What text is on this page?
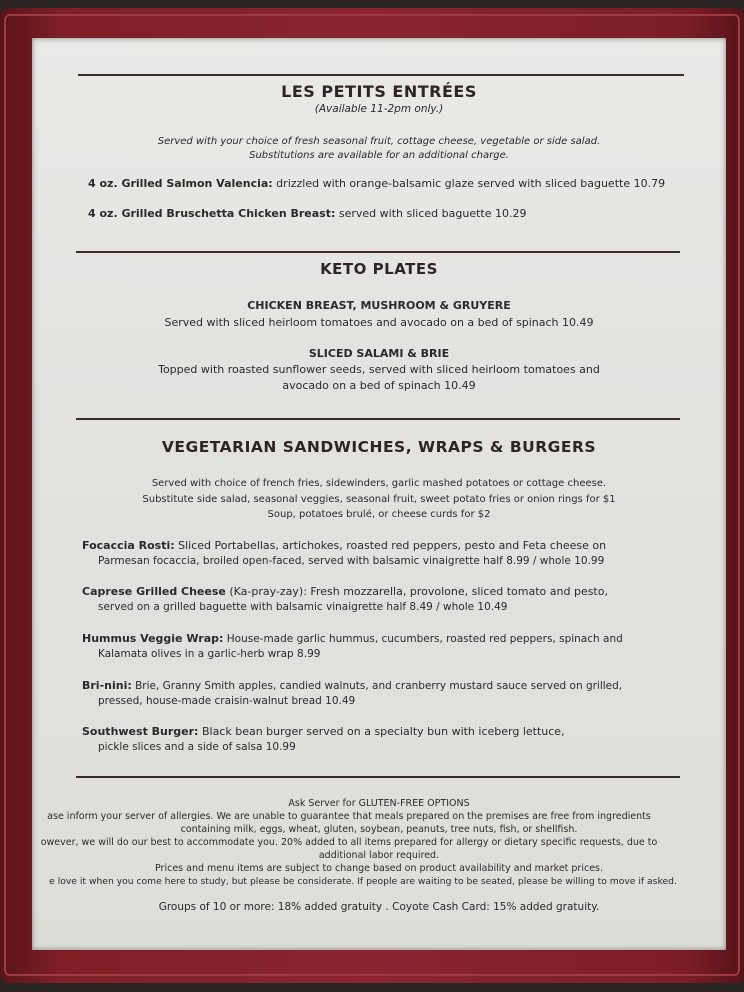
LES PETITS ENTRÉES
(Available 11-2pm only.)
Served with your choice of fresh seasonal fruit, cottage cheese, vegetable or side salad.
Substitutions are available for an additional charge.
4 oz. Grilled Salmon Valencia: drizzled with orange-balsamic glaze served with sliced baguette 10.79
4 oz. Grilled Bruschetta Chicken Breast: served with sliced baguette 10.29
KETO PLATES
CHICKEN BREAST, MUSHROOM & GRUYERE
Served with sliced heirloom tomatoes and avocado on a bed of spinach 10.49
SLICED SALAMI & BRIE
Topped with roasted sunflower seeds, served with sliced heirloom tomatoes and
avocado on a bed of spinach 10.49
VEGETARIAN SANDWICHES, WRAPS & BURGERS
Served with choice of french fries, sidewinders, garlic mashed potatoes or cottage cheese.
Substitute side salad, seasonal veggies, seasonal fruit, sweet potato fries or onion rings for $1
Soup, potatoes brulé, or cheese curds for $2
Focaccia Rosti: Sliced Portabellas, artichokes, roasted red peppers, pesto and Feta cheese on
Parmesan focaccia, broiled open-faced, served with balsamic vinaigrette half 8.99 / whole 10.99
Caprese Grilled Cheese (Ka-pray-zay): Fresh mozzarella, provolone, sliced tomato and pesto,
served on a grilled baguette with balsamic vinaigrette half 8.49 / whole 10.49
Hummus Veggie Wrap: House-made garlic hummus, cucumbers, roasted red peppers, spinach and
Kalamata olives in a garlic-herb wrap 8.99
Bri-nini: Brie, Granny Smith apples, candied walnuts, and cranberry mustard sauce served on grilled,
pressed, house-made craisin-walnut bread 10.49
Southwest Burger: Black bean burger served on a specialty bun with iceberg lettuce,
pickle slices and a side of salsa 10.99
Ask Server for GLUTEN-FREE OPTIONS
ase inform your server of allergies. We are unable to guarantee that meals prepared on the premises are free from ingredients
containing milk, eggs, wheat, gluten, soybean, peanuts, tree nuts, fish, or shellfish.
owever, we will do our best to accommodate you. 20% added to all items prepared for allergy or dietary specific requests, due to
additional labor required.
Prices and menu items are subject to change based on product availability and market prices.
e love it when you come here to study, but please be considerate. If people are waiting to be seated, please be willing to move if asked.
Groups of 10 or more: 18% added gratuity . Coyote Cash Card: 15% added gratuity.
